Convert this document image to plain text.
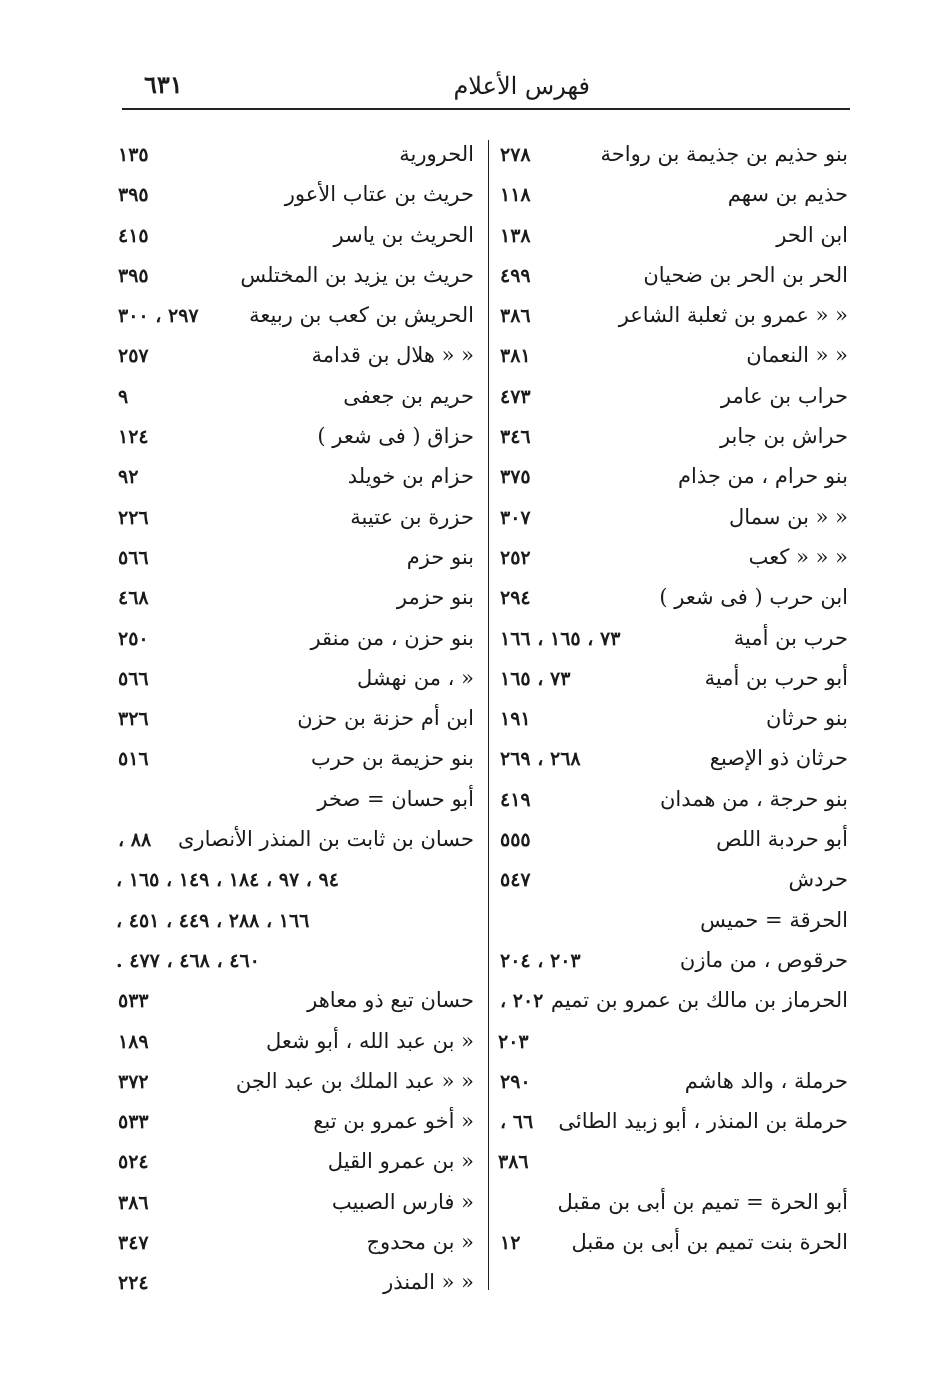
فهرس الأعلام
٦٣١
بنو حذيم بن جذيمة بن رواحة
٢٧٨
حذيم بن سهم
١١٨
ابن الحر
١٣٨
الحر بن الحر بن ضحيان
٤٩٩
« « عمرو بن ثعلبة الشاعر
٣٨٦
« « النعمان
٣٨١
حراب بن عامر
٤٧٣
حراش بن جابر
٣٤٦
بنو حرام ، من جذام
٣٧٥
« « بن سمال
٣٠٧
« « « كعب
٢٥٢
ابن حرب ( فى شعر )
٢٩٤
حرب بن أمية
٧٣ ، ١٦٥ ، ١٦٦
أبو حرب بن أمية
٧٣ ، ١٦٥
بنو حرثان
١٩١
حرثان ذو الإصبع
٢٦٨ ، ٢٦٩
بنو حرجة ، من همدان
٤١٩
أبو حردبة اللص
٥٥٥
حردش
٥٤٧
الحرقة = حميس
حرقوص ، من مازن
٢٠٣ ، ٢٠٤
الحرماز بن مالك بن عمرو بن تميم
٢٠٢ ،
٢٠٣
حرملة ، والد هاشم
٢٩٠
حرملة بن المنذر ، أبو زبيد الطائى
٦٦ ،
٣٨٦
أبو الحرة = تميم بن أبى بن مقبل
الحرة بنت تميم بن أبى بن مقبل
١٢
الحرورية
١٣٥
حريث بن عتاب الأعور
٣٩٥
الحريث بن ياسر
٤١٥
حريث بن يزيد بن المختلس
٣٩٥
الحريش بن كعب بن ربيعة
٢٩٧ ، ٣٠٠
« « هلال بن قدامة
٢٥٧
حريم بن جعفى
٩
حزاق ( فى شعر )
١٢٤
حزام بن خويلد
٩٢
حزرة بن عتيبة
٢٢٦
بنو حزم
٥٦٦
بنو حزمر
٤٦٨
بنو حزن ، من منقر
٢٥٠
« ، من نهشل
٥٦٦
ابن أم حزنة بن حزن
٣٢٦
بنو حزيمة بن حرب
٥١٦
أبو حسان = صخر
حسان بن ثابت بن المنذر الأنصارى
٨٨ ،
٩٤ ، ٩٧ ، ١٨٤ ، ١٤٩ ، ١٦٥ ،
١٦٦ ، ٢٨٨ ، ٤٤٩ ، ٤٥١ ،
٤٦٠ ، ٤٦٨ ، ٤٧٧ .
حسان تبع ذو معاهر
٥٣٣
« بن عبد الله ، أبو شعل
١٨٩
« « عبد الملك بن عبد الجن
٣٧٢
« أخو عمرو بن تبع
٥٣٣
« بن عمرو القيل
٥٢٤
« فارس الصبيب
٣٨٦
« بن محدوج
٣٤٧
« « المنذر
٢٢٤
